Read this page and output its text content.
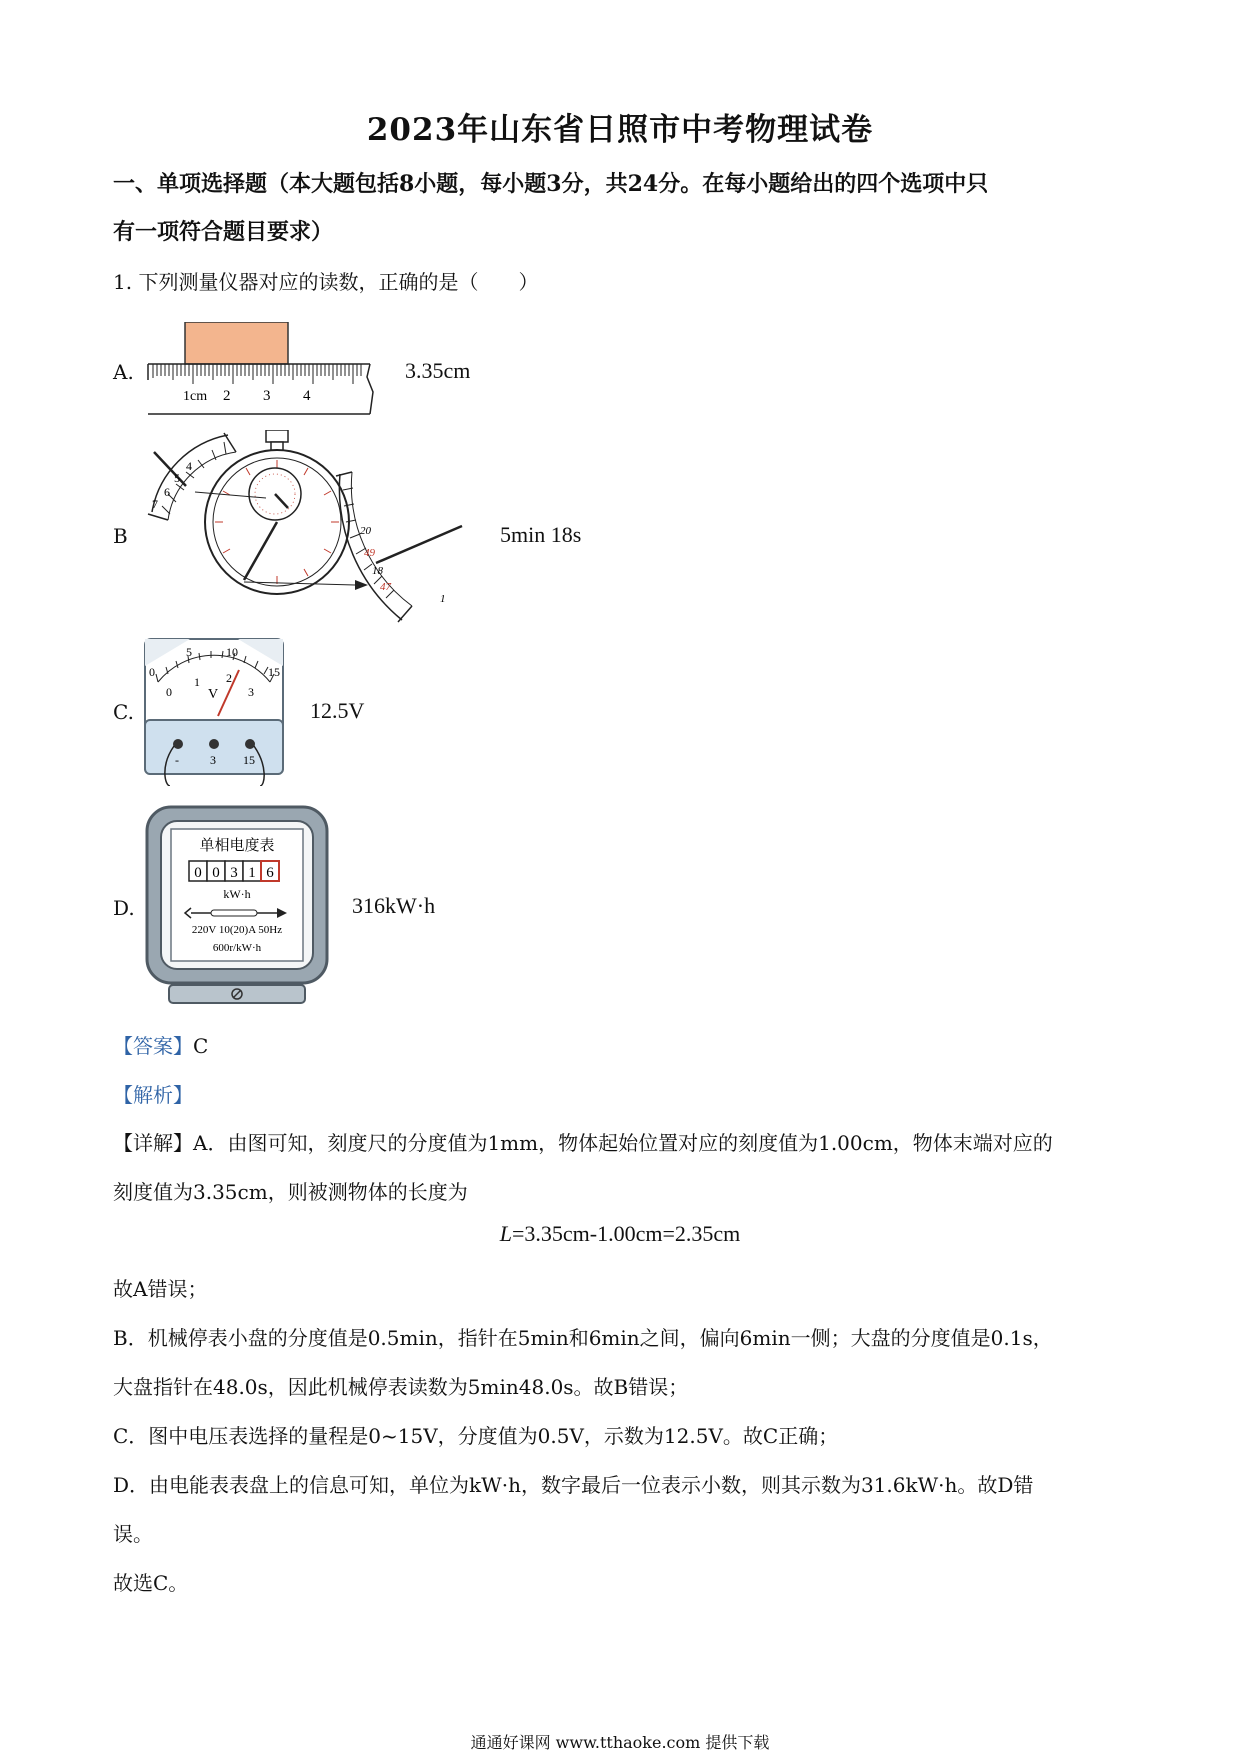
2023年山东省日照市中考物理试卷
一、单项选择题（本大题包括8小题，每小题3分，共24分。在每小题给出的四个选项中只
有一项符合题目要求）
1. 下列测量仪器对应的读数，正确的是（　　）
A.
1cm 2 3 4
3.35cm
B
4
5
6
7
20
49
18
47
1
5min 18s
C.
0
5	10
15
0
1 2
3
V
-	3 15
12.5V
D.
单相电度表
0 0 3 1 6
kW·h
220V 10(20)A 50Hz
600r/kW·h
316kW·h
【答案】C
【解析】
【详解】A．由图可知，刻度尺的分度值为1mm，物体起始位置对应的刻度值为1.00cm，物体末端对应的
刻度值为3.35cm，则被测物体的长度为
L=3.35cm-1.00cm=2.35cm
故A错误；
B．机械停表小盘的分度值是0.5min，指针在5min和6min之间，偏向6min一侧；大盘的分度值是0.1s，
大盘指针在48.0s，因此机械停表读数为5min48.0s。故B错误；
C．图中电压表选择的量程是0~15V，分度值为0.5V，示数为12.5V。故C正确；
D．由电能表表盘上的信息可知，单位为kW·h，数字最后一位表示小数，则其示数为31.6kW·h。故D错
误。
故选C。
通通好课网 www.tthaoke.com 提供下载
